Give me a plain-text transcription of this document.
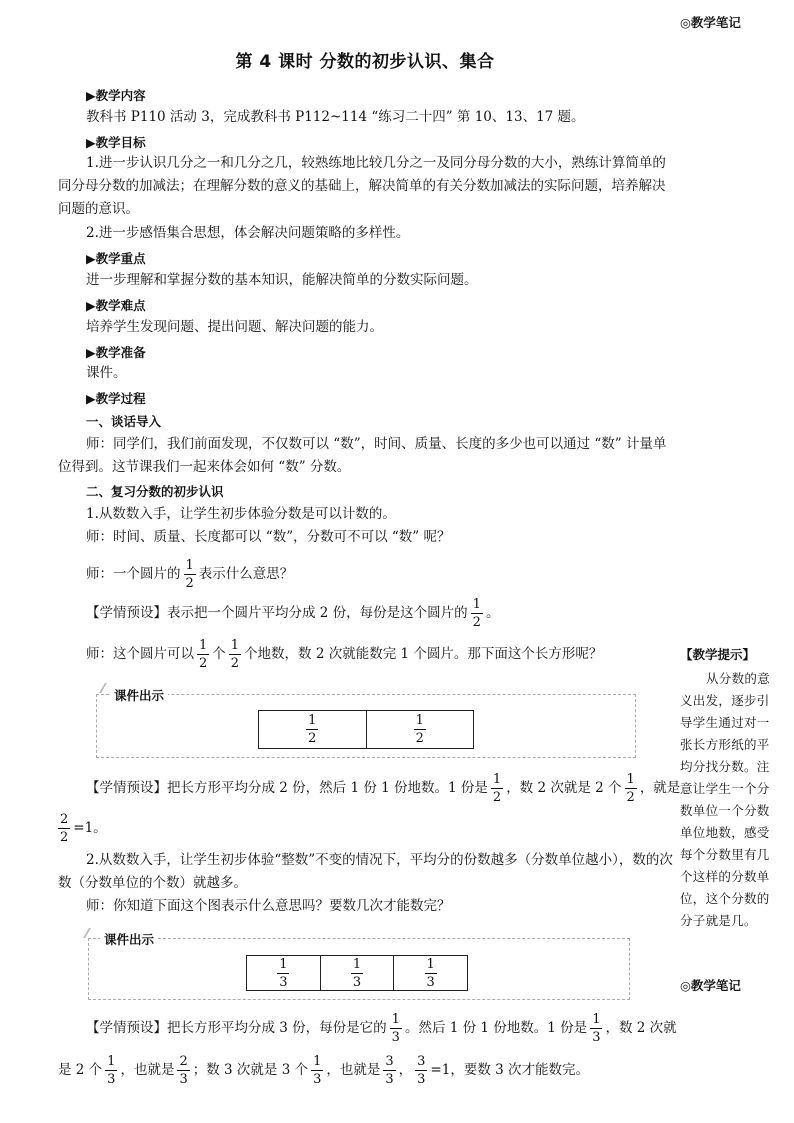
◎教学笔记
第 4 课时 分数的初步认识、集合
▶教学内容
教科书 P110 活动 3，完成教科书 P112~114 “练习二十四” 第 10、13、17 题。
▶教学目标
1.进一步认识几分之一和几分之几，较熟练地比较几分之一及同分母分数的大小，熟练计算简单的同分母分数的加减法；在理解分数的意义的基础上，解决简单的有关分数加减法的实际问题，培养解决问题的意识。
2.进一步感悟集合思想，体会解决问题策略的多样性。
▶教学重点
进一步理解和掌握分数的基本知识，能解决简单的分数实际问题。
▶教学难点
培养学生发现问题、提出问题、解决问题的能力。
▶教学准备
课件。
▶教学过程
一、谈话导入
师：同学们，我们前面发现，不仅数可以 “数”，时间、质量、长度的多少也可以通过 “数” 计量单位得到。这节课我们一起来体会如何 “数” 分数。
二、复习分数的初步认识
1.从数数入手，让学生初步体验分数是可以计数的。
师：时间、质量、长度都可以 “数”，分数可不可以 “数” 呢？
师：一个圆片的 $\frac{1}{2}$ 表示什么意思？
【学情预设】表示把一个圆片平均分成 2 份，每份是这个圆片的 $\frac{1}{2}$ 。
师：这个圆片可以 $\frac{1}{2}$ 个 $\frac{1}{2}$ 个地数，数 2 次就能数完 1 个圆片。那下面这个长方形呢？
课件出示
$\frac{1}{2}$	$\frac{1}{2}$
【学情预设】把长方形平均分成 2 份，然后 1 份 1 份地数。1 份是 $\frac{1}{2}$ ，数 2 次就是 2 个 $\frac{1}{2}$ ，就是
$\frac{2}{2} =1$。
2.从数数入手，让学生初步体验“整数”不变的情况下，平均分的份数越多（分数单位越小），数的次数（分数单位的个数）就越多。
师：你知道下面这个图表示什么意思吗？要数几次才能数完？
课件出示
$\frac{1}{3}$	$\frac{1}{3}$	$\frac{1}{3}$
【学情预设】把长方形平均分成 3 份，每份是它的 $\frac{1}{3}$ 。然后 1 份 1 份地数。1 份是 $\frac{1}{3}$ ，数 2 次就
是 2 个 $\frac{1}{3}$ ，也就是 $\frac{2}{3}$ ；数 3 次就是 3 个 $\frac{1}{3}$ ，也就是 $\frac{3}{3}$ ， $\frac{3}{3} =1$，要数 3 次才能数完。
【教学提示】
从分数的意义出发，逐步引导学生通过对一张长方形纸的平均分找分数。注意让学生一个分数单位一个分数单位地数，感受每个分数里有几个这样的分数单位，这个分数的分子就是几。
◎教学笔记
